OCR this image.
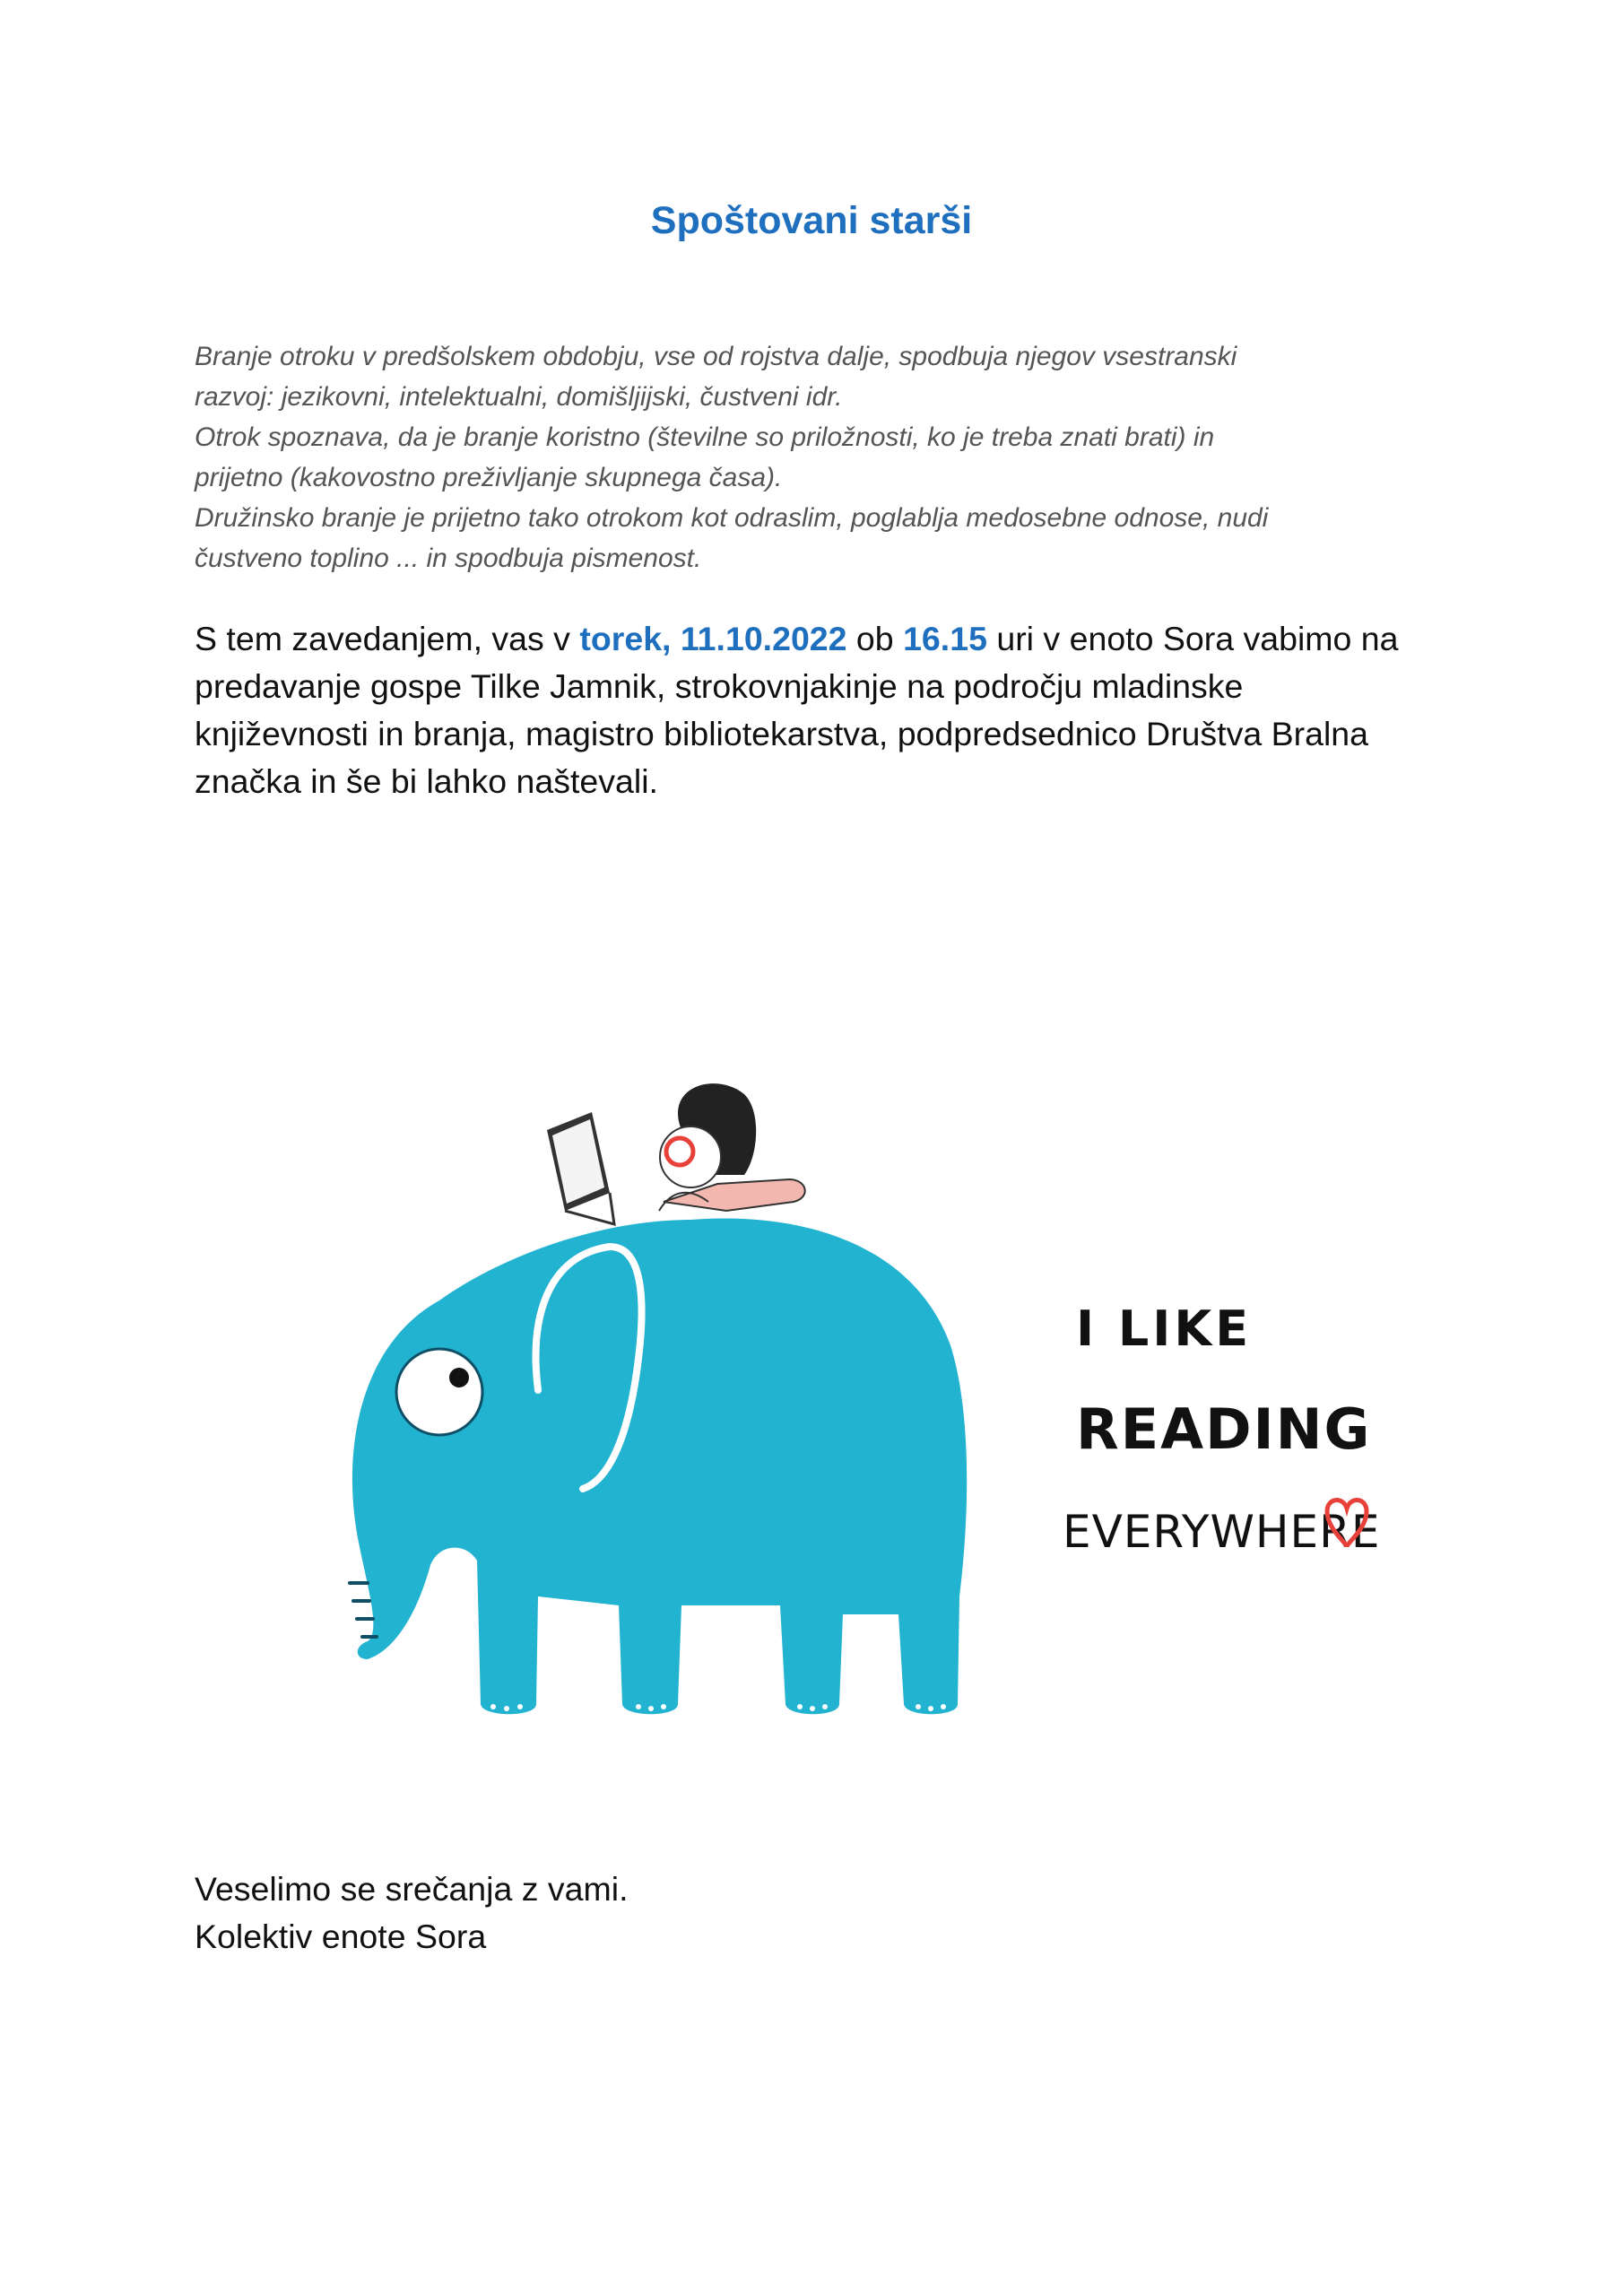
Spoštovani starši
Branje otroku v predšolskem obdobju, vse od rojstva dalje, spodbuja njegov vsestranski
razvoj: jezikovni, intelektualni, domišljijski, čustveni idr.
Otrok spoznava, da je branje koristno (številne so priložnosti, ko je treba znati brati) in
prijetno (kakovostno preživljanje skupnega časa).
Družinsko branje je prijetno tako otrokom kot odraslim, poglablja medosebne odnose, nudi
čustveno toplino ... in spodbuja pismenost.
S tem zavedanjem, vas v torek, 11.10.2022 ob 16.15 uri v enoto Sora vabimo na
predavanje gospe Tilke Jamnik, strokovnjakinje na področju mladinske
književnosti in branja, magistro bibliotekarstva, podpredsednico Društva Bralna
značka in še bi lahko naštevali.
I LIKE
READING
EVERYWHERE
Veselimo se srečanja z vami.
Kolektiv enote Sora
